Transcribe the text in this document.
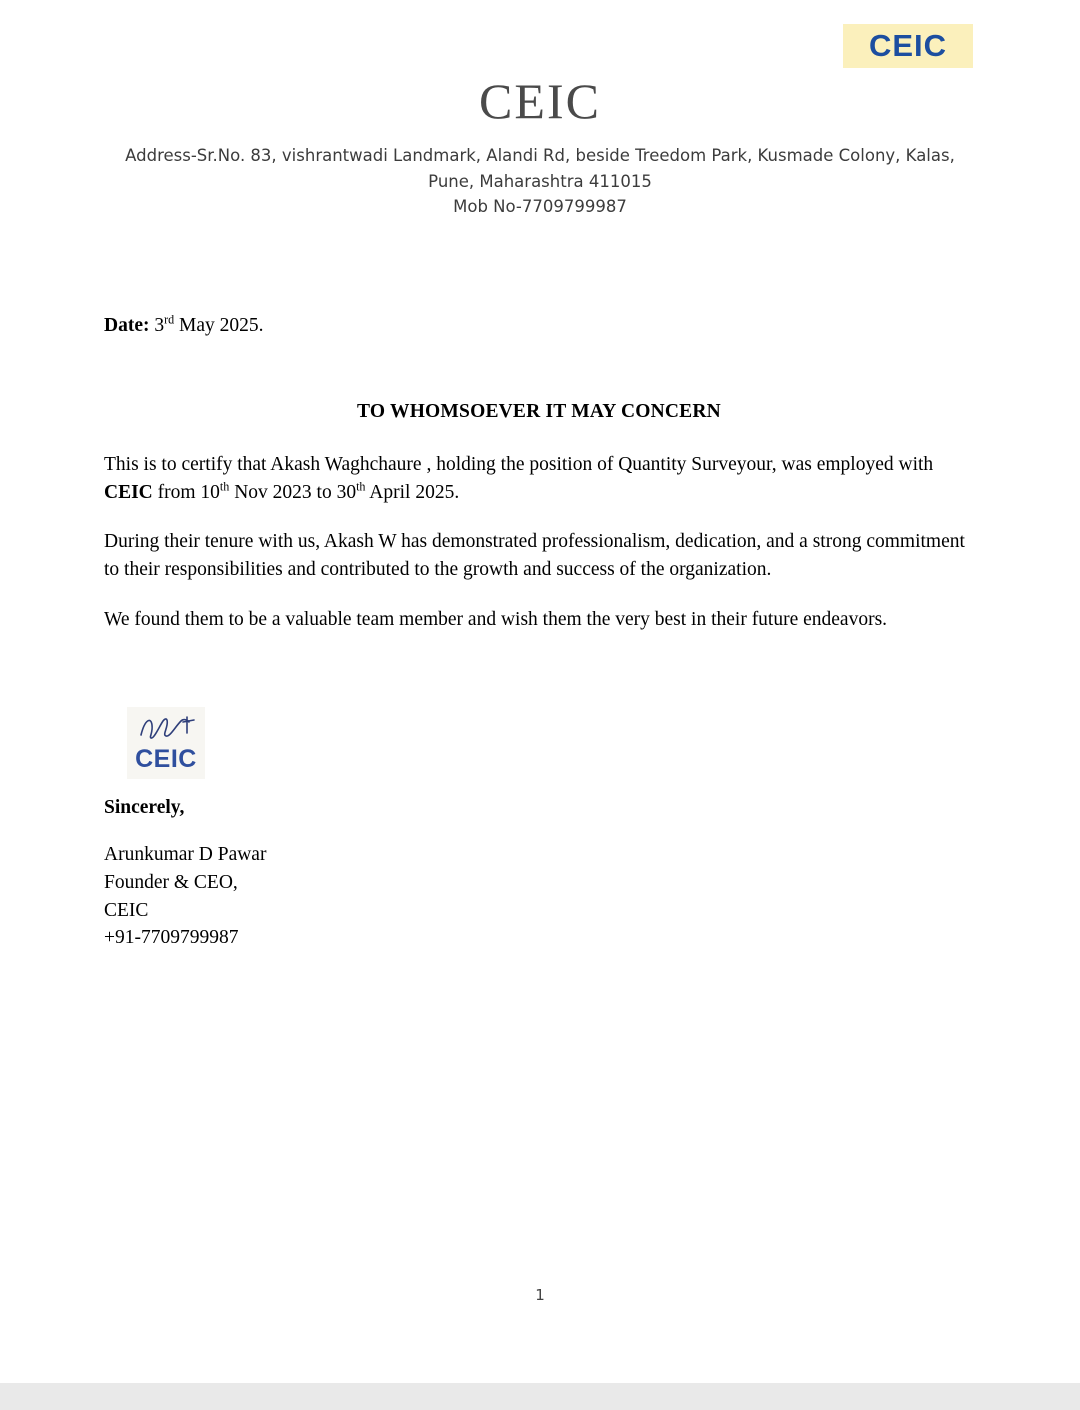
CEIC
CEIC
Address-Sr.No. 83, vishrantwadi Landmark, Alandi Rd, beside Treedom Park, Kusmade Colony, Kalas, Pune, Maharashtra 411015
Mob No-7709799987
Date: 3rd May 2025.
TO WHOMSOEVER IT MAY CONCERN

This is to certify that Akash Waghchaure , holding the position of Quantity Surveyour, was employed with CEIC from 10th Nov 2023 to 30th April 2025.

During their tenure with us, Akash W has demonstrated professionalism, dedication, and a strong commitment to their responsibilities and contributed to the growth and success of the organization.

We found them to be a valuable team member and wish them the very best in their future endeavors.

Sincerely,
Arunkumar D Pawar
Founder & CEO,
CEIC
+91-7709799987
CEIC
1
